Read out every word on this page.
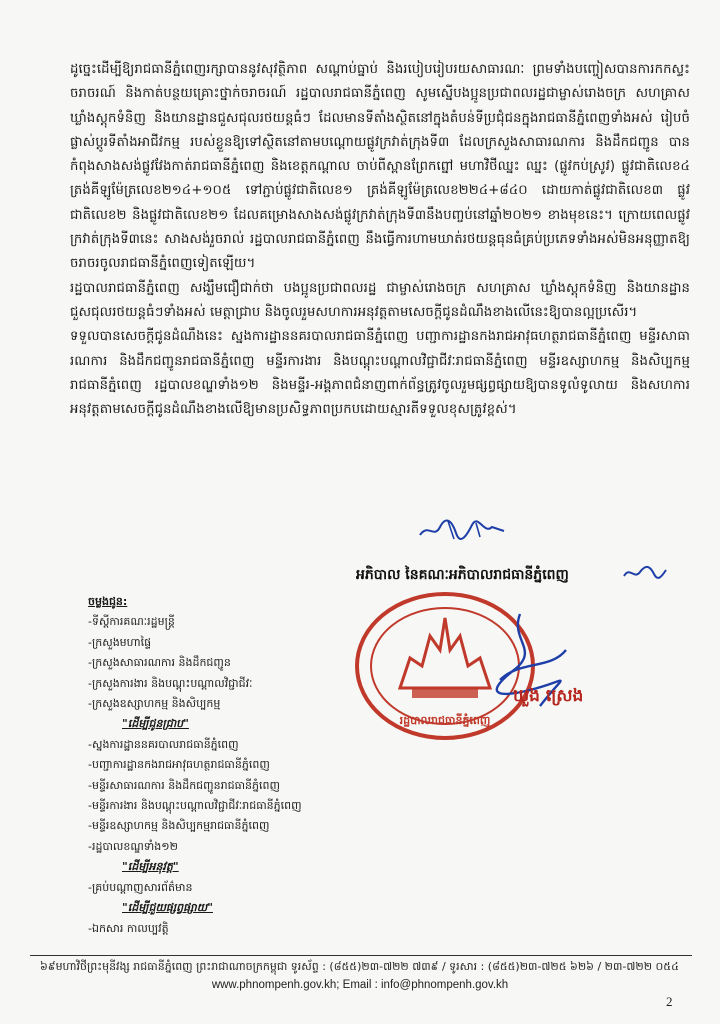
ដូច្នេះដើម្បីឱ្យរាជធានីភ្នំពេញរក្សាបាននូវសុវត្ថិភាព សណ្តាប់ធ្នាប់ និងរបៀបរៀបរយសាធារណៈ ព្រមទាំងបញ្ចៀសបានការកកស្ទះចរាចរណ៍ និងកាត់បន្ថយគ្រោះថ្នាក់ចរាចរណ៍ រដ្ឋបាលរាជធានីភ្នំពេញ សូមស្នើបងប្អូនប្រជាពលរដ្ឋជាម្ចាស់រោងចក្រ សហគ្រាស ឃ្លាំងស្តុកទំនិញ និងយានដ្ឋានជួសជុលរថយន្តធំៗ ដែលមានទីតាំងស្ថិតនៅក្នុងតំបន់ទីប្រជុំជនក្នុងរាជធានីភ្នំពេញទាំងអស់ រៀបចំផ្លាស់ប្តូរទីតាំងអាជីវកម្ម របស់ខ្លួនឱ្យទៅស្ថិតនៅតាមបណ្តោយផ្លូវក្រវាត់ក្រុងទី៣ ដែលក្រសួងសាធារណការ និងដឹកជញ្ជូន បានកំពុងសាងសង់ផ្លូវវែងកាត់រាជធានីភ្នំពេញ និងខេត្តកណ្តាល ចាប់ពីស្ពានព្រែកព្នៅ មហាវិថីឈ្នះ ឈ្នះ (ផ្លូវកប់ស្រូវ) ផ្លូវជាតិលេខ៤ ត្រង់គីឡូម៉ែត្រលេខ២១៤+១០៥ ទៅភ្ជាប់ផ្លូវជាតិលេខ១ ត្រង់គីឡូម៉ែត្រលេខ២២៤+៨៤០ ដោយកាត់ផ្លូវជាតិលេខ៣ ផ្លូវជាតិលេខ២ និងផ្លូវជាតិលេខ២១ ដែលគម្រោងសាងសង់ផ្លូវក្រវាត់ក្រុងទី៣នឹងបញ្ចប់នៅឆ្នាំ២០២១ ខាងមុខនេះ។ ក្រោយពេលផ្លូវក្រវាត់ក្រុងទី៣នេះ សាងសង់រួចរាល់ រដ្ឋបាលរាជធានីភ្នំពេញ នឹងធ្វើការហាមឃាត់រថយន្តធុនធំគ្រប់ប្រភេទទាំងអស់មិនអនុញ្ញាតឱ្យចរាចរចូលរាជធានីភ្នំពេញទៀតឡើយ។

រដ្ឋបាលរាជធានីភ្នំពេញ សង្ឃឹមជឿជាក់ថា បងប្អូនប្រជាពលរដ្ឋ ជាម្ចាស់រោងចក្រ សហគ្រាស ឃ្លាំងស្តុកទំនិញ និងយានដ្ឋានជួសជុលរថយន្តធំៗទាំងអស់ មេត្តាជ្រាប និងចូលរួមសហការអនុវត្តតាមសេចក្តីជូនដំណឹងខាងលើនេះឱ្យបានល្អប្រសើរ។

ទទួលបានសេចក្តីជូនដំណឹងនេះ ស្នងការដ្ឋាននគរបាលរាជធានីភ្នំពេញ បញ្ជាការដ្ឋានកងរាជអាវុធហត្ថរាជធានីភ្នំពេញ មន្ទីរសាធារណការ និងដឹកជញ្ជូនរាជធានីភ្នំពេញ មន្ទីរការងារ និងបណ្តុះបណ្តាលវិជ្ជាជីវៈរាជធានីភ្នំពេញ មន្ទីរឧស្សាហកម្ម និងសិប្បកម្មរាជធានីភ្នំពេញ រដ្ឋបាលខណ្ឌទាំង១២ និងមន្ទីរ-អង្គភាពជំនាញពាក់ព័ន្ធត្រូវចូលរួមផ្សព្វផ្សាយឱ្យបានទូលំទូលាយ និងសហការអនុវត្តតាមសេចក្តីជូនដំណឹងខាងលើឱ្យមានប្រសិទ្ធភាពប្រកបដោយស្មារតីទទួលខុសត្រូវខ្ពស់។

អភិបាល នៃគណៈអភិបាលរាជធានីភ្នំពេញ
រដ្ឋបាលរាជធានីភ្នំពេញ
ឃួង ស្រេង
ចម្លងជូន:
-ទីស្តីការគណៈរដ្ឋមន្ត្រី
-ក្រសួងមហាផ្ទៃ
-ក្រសួងសាធារណការ និងដឹកជញ្ជូន
-ក្រសួងការងារ និងបណ្តុះបណ្តាលវិជ្ជាជីវៈ
-ក្រសួងឧស្សាហកម្ម និងសិប្បកម្ម
"ដើម្បីជូនជ្រាប"
-ស្នងការដ្ឋាននគរបាលរាជធានីភ្នំពេញ
-បញ្ជាការដ្ឋានកងរាជអាវុធហត្ថរាជធានីភ្នំពេញ
-មន្ទីរសាធារណការ និងដឹកជញ្ជូនរាជធានីភ្នំពេញ
-មន្ទីរការងារ និងបណ្តុះបណ្តាលវិជ្ជាជីវៈរាជធានីភ្នំពេញ
-មន្ទីរឧស្សាហកម្ម និងសិប្បកម្មរាជធានីភ្នំពេញ
-រដ្ឋបាលខណ្ឌទាំង១២
"ដើម្បីអនុវត្ត"
-គ្រប់បណ្តាញសារព័ត៌មាន
"ដើម្បីជួយផ្សព្វផ្សាយ"
-ឯកសារ កាលប្បវត្តិ
៦៩មហាវិថីព្រះមុនីវង្ស រាជធានីភ្នំពេញ ព្រះរាជាណាចក្រកម្ពុជា ទូរស័ព្ទ : (៨៥៥)២៣-៧២២ ៧៣៩ / ទូរសារ : (៨៥៥)២៣-៧២៥ ៦២៦ / ២៣-៧២២ ០៥៤
www.phnompenh.gov.kh; Email : info@phnompenh.gov.kh
2
